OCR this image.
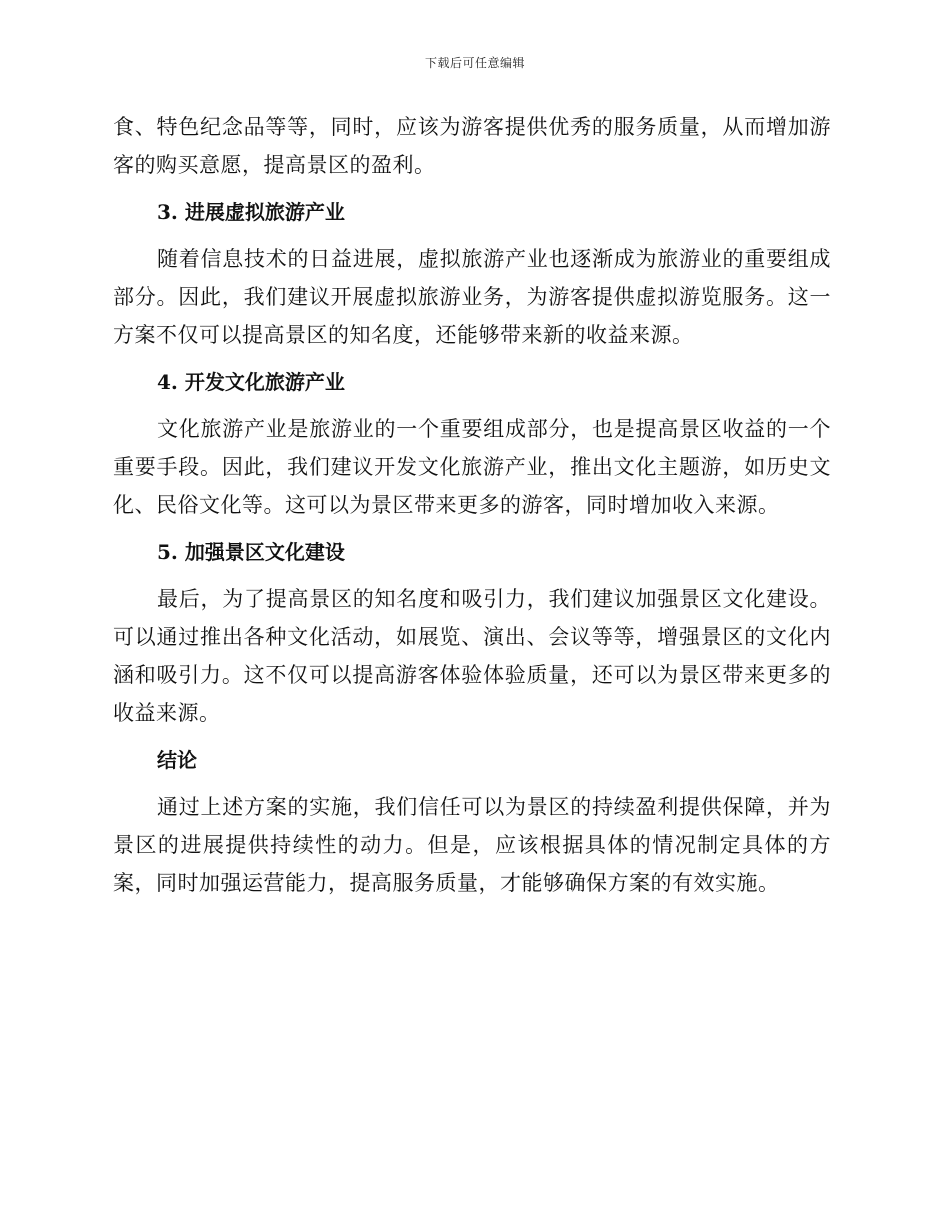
下载后可任意编辑

食、特色纪念品等等，同时，应该为游客提供优秀的服务质量，从而增加游客的购买意愿，提高景区的盈利。

3. 进展虚拟旅游产业

随着信息技术的日益进展，虚拟旅游产业也逐渐成为旅游业的重要组成部分。因此，我们建议开展虚拟旅游业务，为游客提供虚拟游览服务。这一方案不仅可以提高景区的知名度，还能够带来新的收益来源。

4. 开发文化旅游产业

文化旅游产业是旅游业的一个重要组成部分，也是提高景区收益的一个重要手段。因此，我们建议开发文化旅游产业，推出文化主题游，如历史文化、民俗文化等。这可以为景区带来更多的游客，同时增加收入来源。

5. 加强景区文化建设

最后，为了提高景区的知名度和吸引力，我们建议加强景区文化建设。可以通过推出各种文化活动，如展览、演出、会议等等，增强景区的文化内涵和吸引力。这不仅可以提高游客体验体验质量，还可以为景区带来更多的收益来源。

结论

通过上述方案的实施，我们信任可以为景区的持续盈利提供保障，并为景区的进展提供持续性的动力。但是，应该根据具体的情况制定具体的方案，同时加强运营能力，提高服务质量，才能够确保方案的有效实施。
